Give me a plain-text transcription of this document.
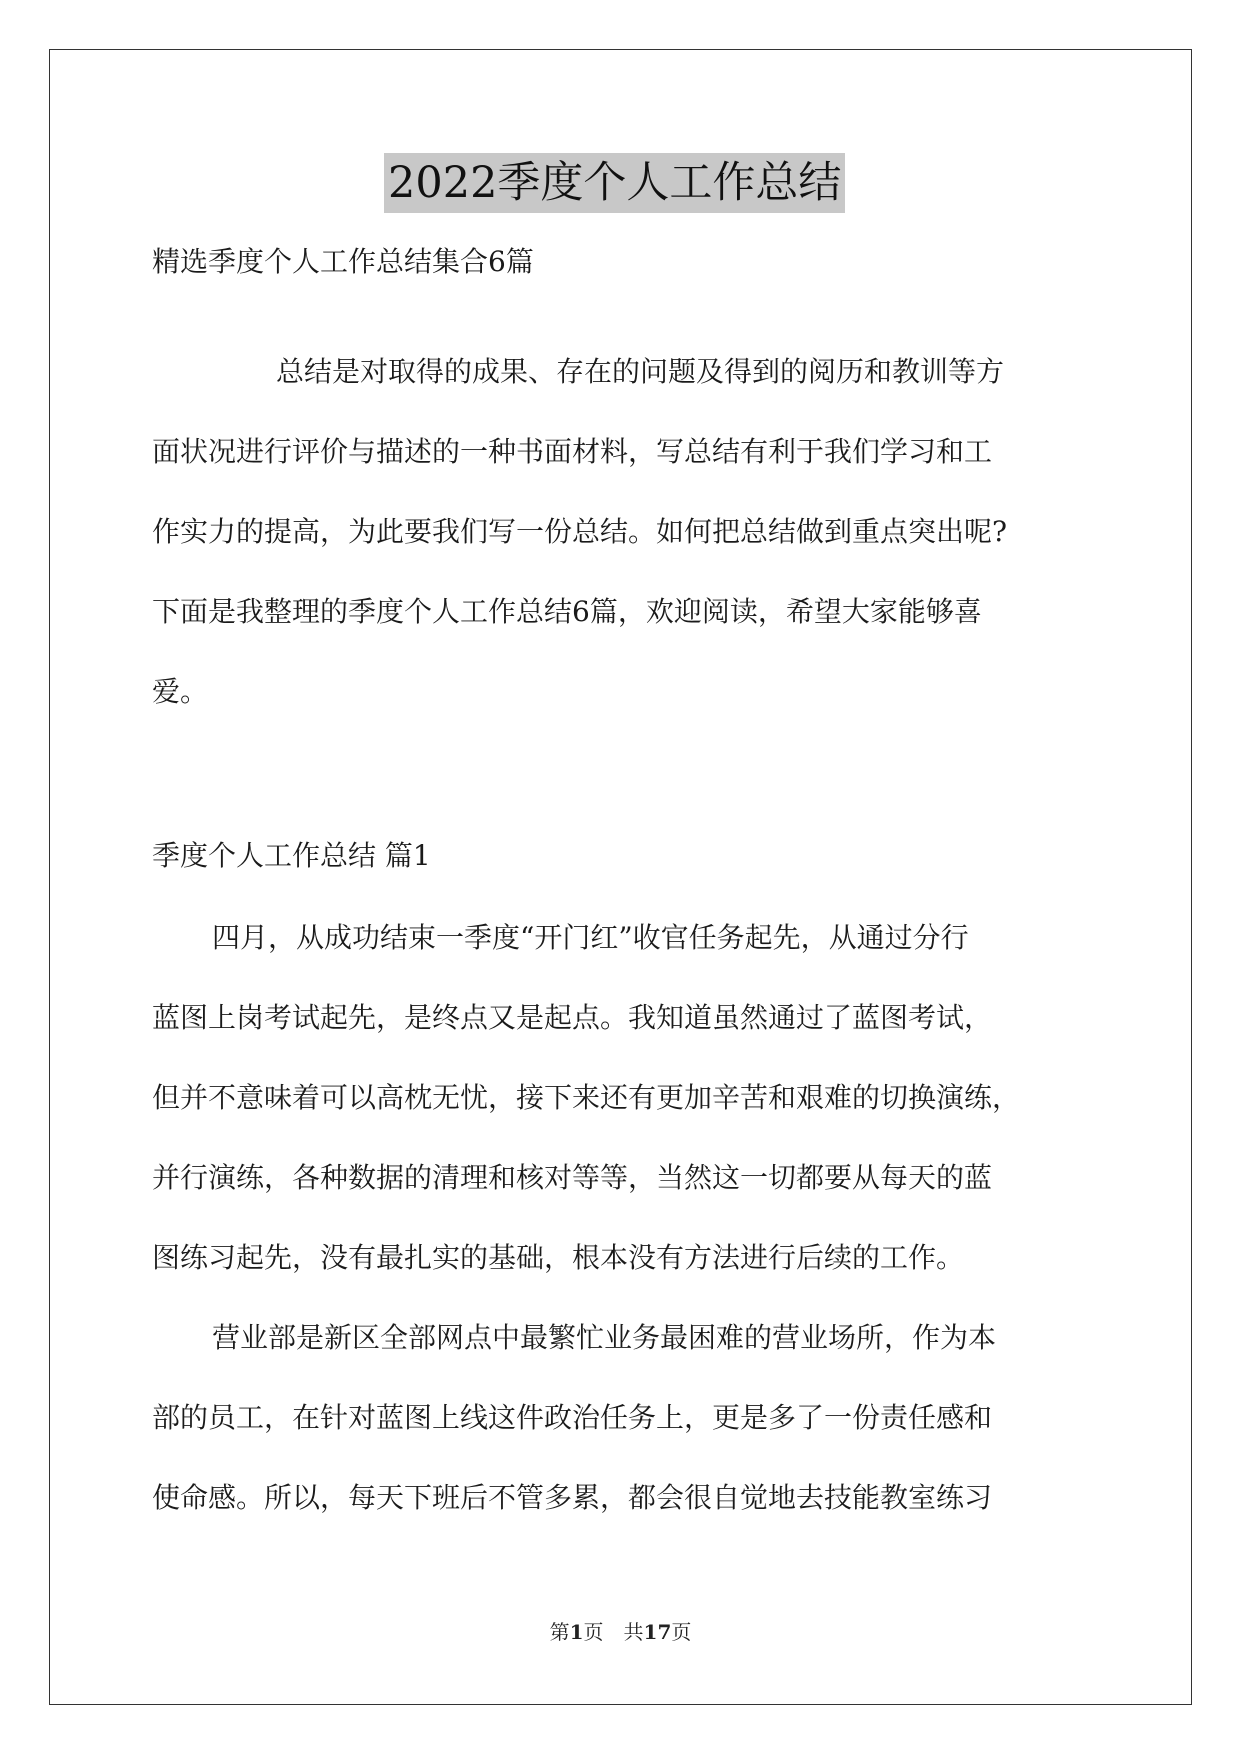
2022季度个人工作总结
精选季度个人工作总结集合6篇
总结是对取得的成果、存在的问题及得到的阅历和教训等方
面状况进行评价与描述的一种书面材料，写总结有利于我们学习和工
作实力的提高，为此要我们写一份总结。如何把总结做到重点突出呢?
下面是我整理的季度个人工作总结6篇，欢迎阅读，希望大家能够喜
爱。
季度个人工作总结 篇1
四月，从成功结束一季度“开门红”收官任务起先，从通过分行
蓝图上岗考试起先，是终点又是起点。我知道虽然通过了蓝图考试，
但并不意味着可以高枕无忧，接下来还有更加辛苦和艰难的切换演练，
并行演练，各种数据的清理和核对等等，当然这一切都要从每天的蓝
图练习起先，没有最扎实的基础，根本没有方法进行后续的工作。
营业部是新区全部网点中最繁忙业务最困难的营业场所，作为本
部的员工，在针对蓝图上线这件政治任务上，更是多了一份责任感和
使命感。所以，每天下班后不管多累，都会很自觉地去技能教室练习
第1页　共17页
